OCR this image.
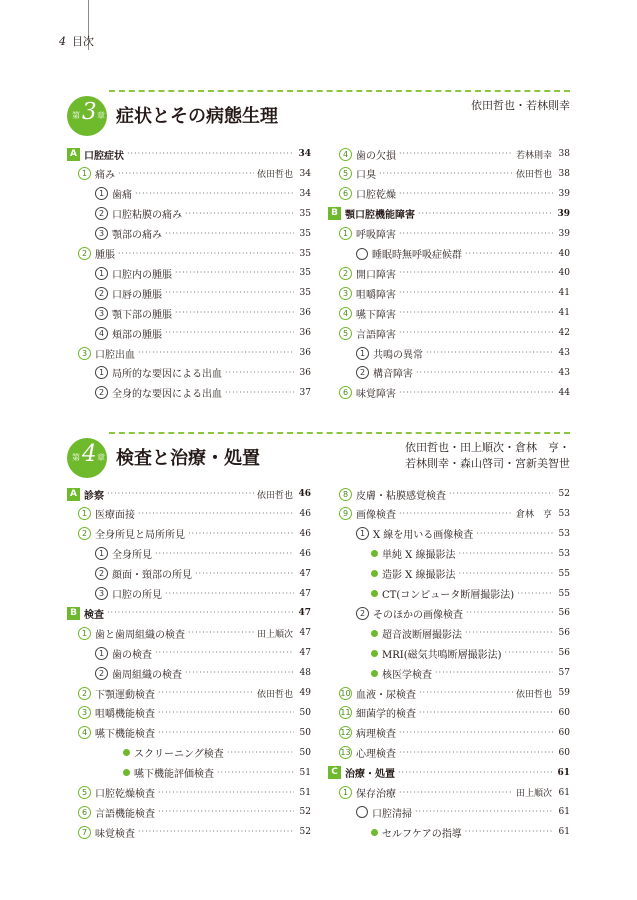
4 目次
第 3 章 症状とその病態生理
依田哲也・若林則幸
A 口腔症状 ·····	34
1 痛み ·····	依田哲也 34
1 歯痛 ·····	34
2 口腔粘膜の痛み ·····	35
3 顎部の痛み ·····	35
2 腫脹 ·····	35
1 口腔内の腫脹 ·····	35
2 口唇の腫脹 ·····	35
3 顎下部の腫脹 ·····	36
4 頬部の腫脹 ·····	36
3 口腔出血 ·····	36
1 局所的な要因による出血 ·····	36
2 全身的な要因による出血 ·····	37
4 歯の欠損 ·····	若林則幸 38
5 口臭 ·····	依田哲也 38
6 口腔乾燥 ·····	39
B 顎口腔機能障害 ·····	39
1 呼吸障害 ·····	39
睡眠時無呼吸症候群 ·····	40
2 開口障害 ·····	40
3 咀嚼障害 ·····	41
4 嚥下障害 ·····	41
5 言語障害 ·····	42
1 共鳴の異常 ·····	43
2 構音障害 ·····	43
6 味覚障害 ·····	44
第 4 章 検査と治療・処置
依田哲也・田上順次・倉林　亨・
若林則幸・森山啓司・宮新美智世
A 診察 ·····	依田哲也 46
1 医療面接 ·····	46
2 全身所見と局所所見 ·····	46
1 全身所見 ·····	46
2 顔面・頸部の所見 ·····	47
3 口腔の所見 ·····	47
B 検査 ·····	47
1 歯と歯周組織の検査 ·····	田上順次 47
1 歯の検査 ·····	47
2 歯周組織の検査 ·····	48
2 下顎運動検査 ·····	依田哲也 49
3 咀嚼機能検査 ·····	50
4 嚥下機能検査 ·····	50
スクリーニング検査 ·····	50
嚥下機能評価検査 ·····	51
5 口腔乾燥検査 ·····	51
6 言語機能検査 ·····	52
7 味覚検査 ·····	52
8 皮膚・粘膜感覚検査 ·····	52
9 画像検査 ·····	倉林　亨 53
1 X 線を用いる画像検査 ·····	53
単純 X 線撮影法 ·····	53
造影 X 線撮影法 ·····	55
CT(コンピュータ断層撮影法) ·····	55
2 そのほかの画像検査 ·····	56
超音波断層撮影法 ·····	56
MRI(磁気共鳴断層撮影法) ·····	56
核医学検査 ·····	57
10 血液・尿検査 ·····	依田哲也 59
11 細菌学的検査 ·····	60
12 病理検査 ·····	60
13 心理検査 ·····	60
C 治療・処置 ·····	61
1 保存治療 ·····	田上順次 61
口腔清掃 ·····	61
セルフケアの指導 ·····	61
